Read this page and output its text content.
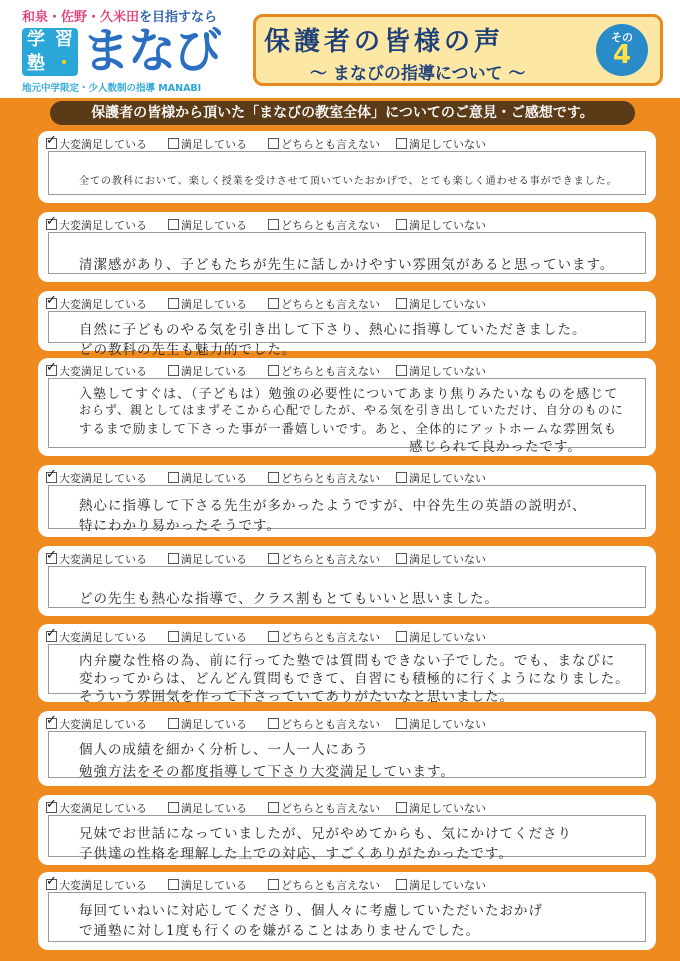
和泉・佐野・久米田を目指すなら
学 習
塾 ・ まなび
地元中学限定・少人数制の指導 MANABI
保護者の皆様の声
～ まなびの指導について ～
その
4
保護者の皆様から頂いた「まなびの教室全体」についてのご意見・ご感想です。
✓大変満足している	満足している	どちらとも言えない	満足していない
全ての教科において、楽しく授業を受けさせて頂いていたおかげで、とても楽しく通わせる事ができました。
✓大変満足している	満足している	どちらとも言えない	満足していない
清潔感があり、子どもたちが先生に話しかけやすい雰囲気があると思っています。
✓大変満足している	満足している	どちらとも言えない	満足していない
自然に子どものやる気を引き出して下さり、熱心に指導していただきました。
どの教科の先生も魅力的でした。
✓大変満足している	満足している	どちらとも言えない	満足していない
入塾してすぐは、（子どもは）勉強の必要性についてあまり焦りみたいなものを感じて
おらず、親としてはまずそこから心配でしたが、やる気を引き出していただけ、自分のものに
するまで励まして下さった事が一番嬉しいです。あと、全体的にアットホームな雰囲気も
感じられて良かったです。
✓大変満足している	満足している	どちらとも言えない	満足していない
熱心に指導して下さる先生が多かったようですが、中谷先生の英語の説明が、
特にわかり易かったそうです。
✓大変満足している	満足している	どちらとも言えない	満足していない
どの先生も熱心な指導で、クラス割もとてもいいと思いました。
✓大変満足している	満足している	どちらとも言えない	満足していない
内弁慶な性格の為、前に行ってた塾では質問もできない子でした。でも、まなびに
変わってからは、どんどん質問もできて、自習にも積極的に行くようになりました。
そういう雰囲気を作って下さっていてありがたいなと思いました。
✓大変満足している	満足している	どちらとも言えない	満足していない
個人の成績を細かく分析し、一人一人にあう
勉強方法をその都度指導して下さり大変満足しています。
✓大変満足している	満足している	どちらとも言えない	満足していない
兄妹でお世話になっていましたが、兄がやめてからも、気にかけてくださり
子供達の性格を理解した上での対応、すごくありがたかったです。
✓大変満足している	満足している	どちらとも言えない	満足していない
毎回ていねいに対応してくださり、個人々に考慮していただいたおかげ
で通塾に対し1度も行くのを嫌がることはありませんでした。
